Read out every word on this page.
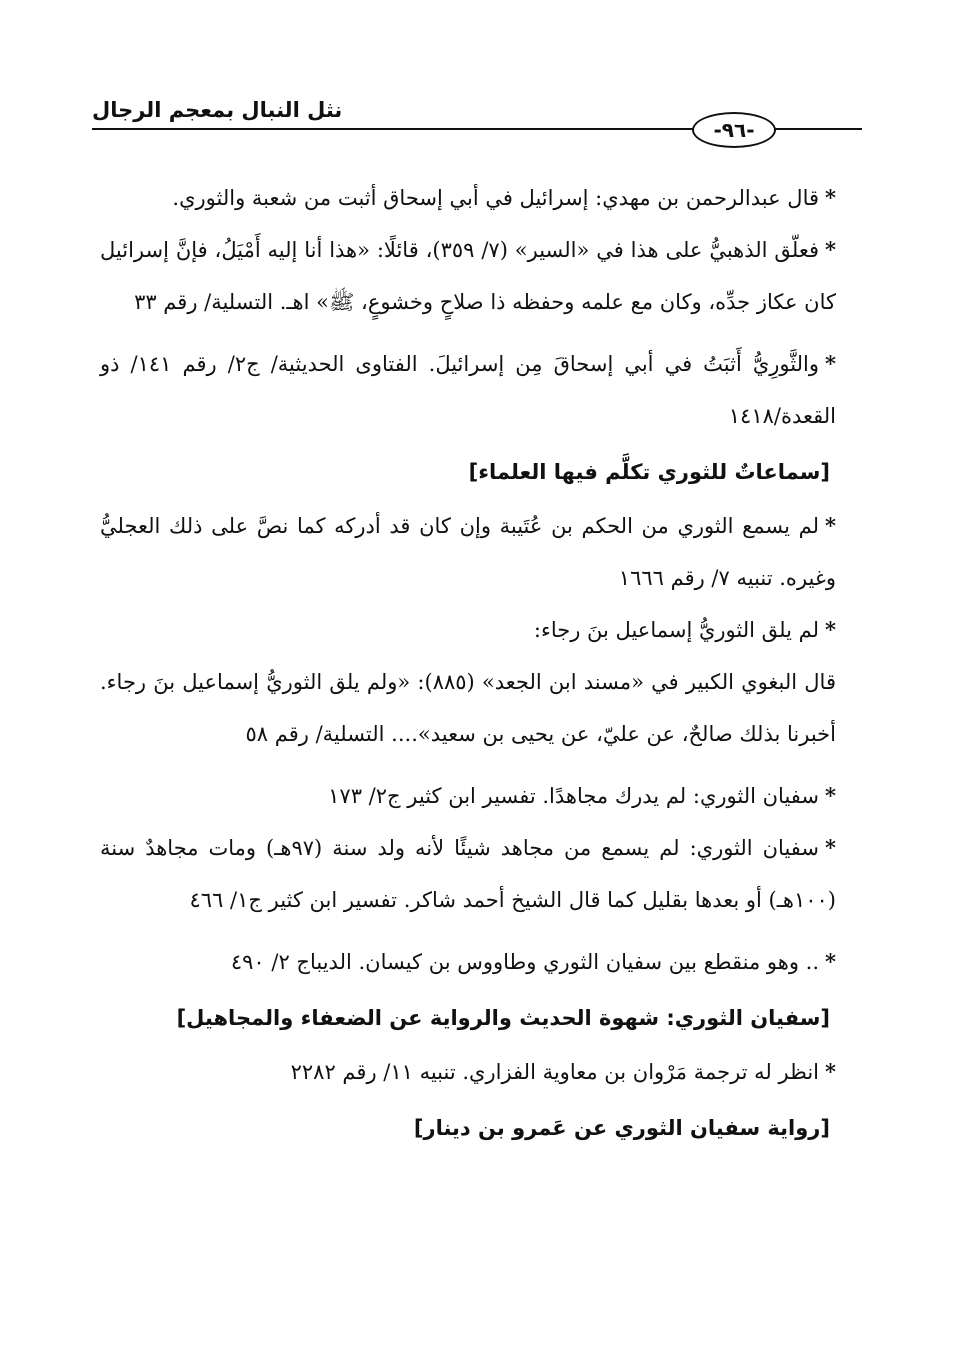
نثل النبال بمعجم الرجال
-٩٦-

*قال عبدالرحمن بن مهدي: إسرائيل في أبي إسحاق أثبت من شعبة والثوري.

*فعلّق الذهبيُّ على هذا في «السير» (٧/ ٣٥٩)، قائلًا: «هذا أنا إليه أَمْيَلُ، فإنَّ إسرائيل كان عكاز جدِّه، وكان مع علمه وحفظه ذا صلاحٍ وخشوعٍ، ﷺ» اهـ. التسلية/ رقم ٣٣

*والثَّورِيُّ أَثبَتُ في أبي إسحاقَ مِن إسرائيلَ. الفتاوى الحديثية/ ج٢/ رقم ١٤١/ ذو القعدة/١٤١٨

[سماعاتٌ للثوري تكلَّم فيها العلماء]

*لم يسمع الثوري من الحكم بن عُتَيبة وإن كان قد أدركه كما نصَّ على ذلك العجليُّ وغيره. تنبيه ٧/ رقم ١٦٦٦

*لم يلق الثوريُّ إسماعيل بنَ رجاء:

قال البغوي الكبير في «مسند ابن الجعد» (٨٨٥): «ولم يلق الثوريُّ إسماعيل بنَ رجاء. أخبرنا بذلك صالحٌ، عن عليّ، عن يحيى بن سعيد».... التسلية/ رقم ٥٨

*سفيان الثوري: لم يدرك مجاهدًا. تفسير ابن كثير ج٢/ ١٧٣

*سفيان الثوري: لم يسمع من مجاهد شيئًا لأنه ولد سنة (٩٧هـ) ومات مجاهدٌ سنة (١٠٠هـ) أو بعدها بقليل كما قال الشيخ أحمد شاكر. تفسير ابن كثير ج١/ ٤٦٦

*.. وهو منقطع بين سفيان الثوري وطاووس بن كيسان. الديباج ٢/ ٤٩٠

[سفيان الثوري: شهوة الحديث والرواية عن الضعفاء والمجاهيل]

*انظر له ترجمة مَرْوان بن معاوية الفزاري. تنبيه ١١/ رقم ٢٢٨٢

[رواية سفيان الثوري عن عَمرو بن دينار]
